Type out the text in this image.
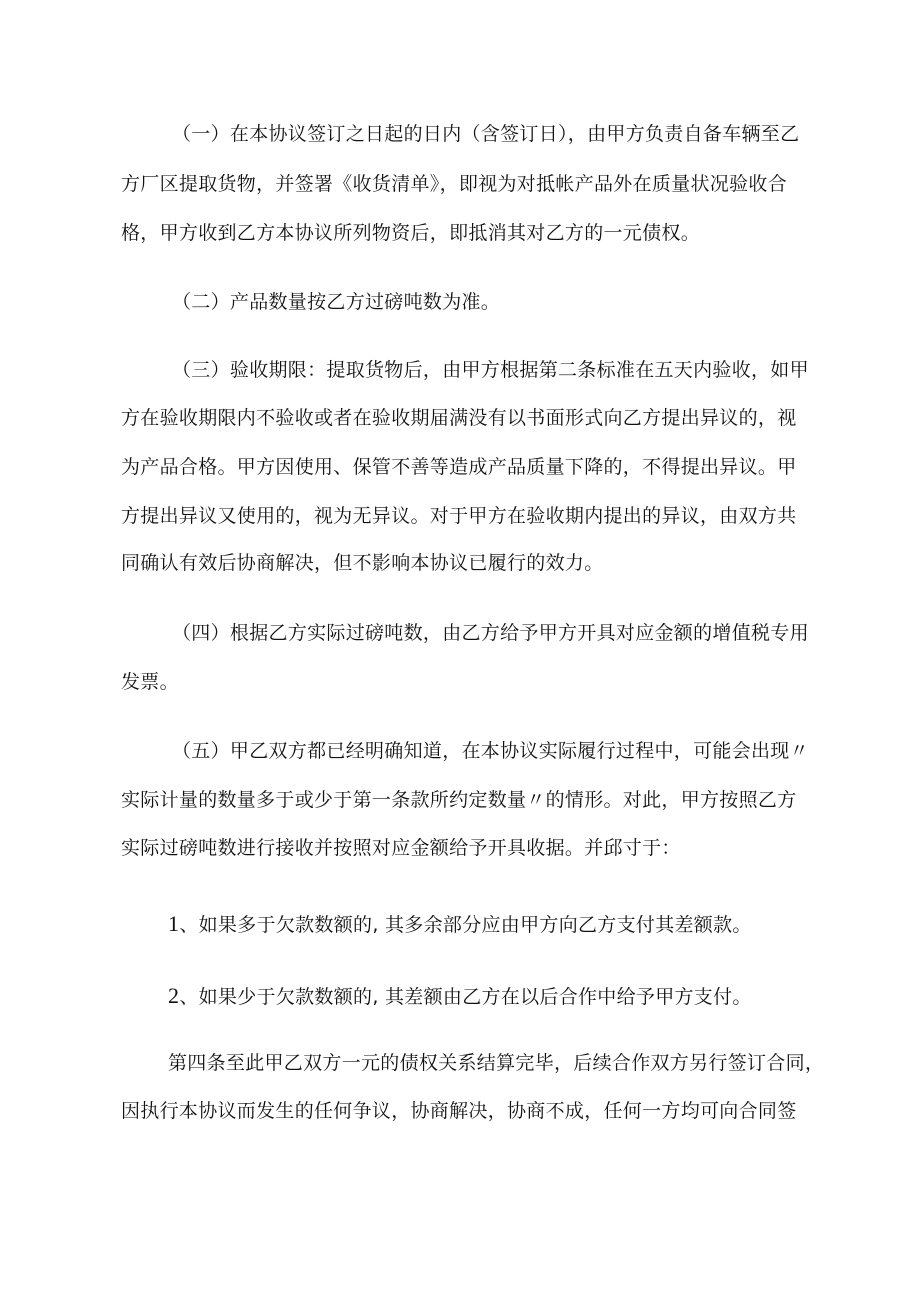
（一）在本协议签订之日起的日内（含签订日），由甲方负责自备车辆至乙
方厂区提取货物，并签署《收货清单》，即视为对抵帐产品外在质量状况验收合
格，甲方收到乙方本协议所列物资后，即抵消其对乙方的一元债权。
（二）产品数量按乙方过磅吨数为准。
（三）验收期限：提取货物后，由甲方根据第二条标准在五天内验收，如甲
方在验收期限内不验收或者在验收期届满没有以书面形式向乙方提出异议的，视
为产品合格。甲方因使用、保管不善等造成产品质量下降的，不得提出异议。甲
方提出异议又使用的，视为无异议。对于甲方在验收期内提出的异议，由双方共
同确认有效后协商解决，但不影响本协议已履行的效力。
（四）根据乙方实际过磅吨数，由乙方给予甲方开具对应金额的增值税专用
发票。
（五）甲乙双方都已经明确知道，在本协议实际履行过程中，可能会出现〃
实际计量的数量多于或少于第一条款所约定数量〃的情形。对此，甲方按照乙方
实际过磅吨数进行接收并按照对应金额给予开具收据。并邱寸于：
1、如果多于欠款数额的, 其多余部分应由甲方向乙方支付其差额款。
2、如果少于欠款数额的, 其差额由乙方在以后合作中给予甲方支付。
第四条至此甲乙双方一元的债权关系结算完毕，后续合作双方另行签订合同，
因执行本协议而发生的任何争议，协商解决，协商不成，任何一方均可向合同签
